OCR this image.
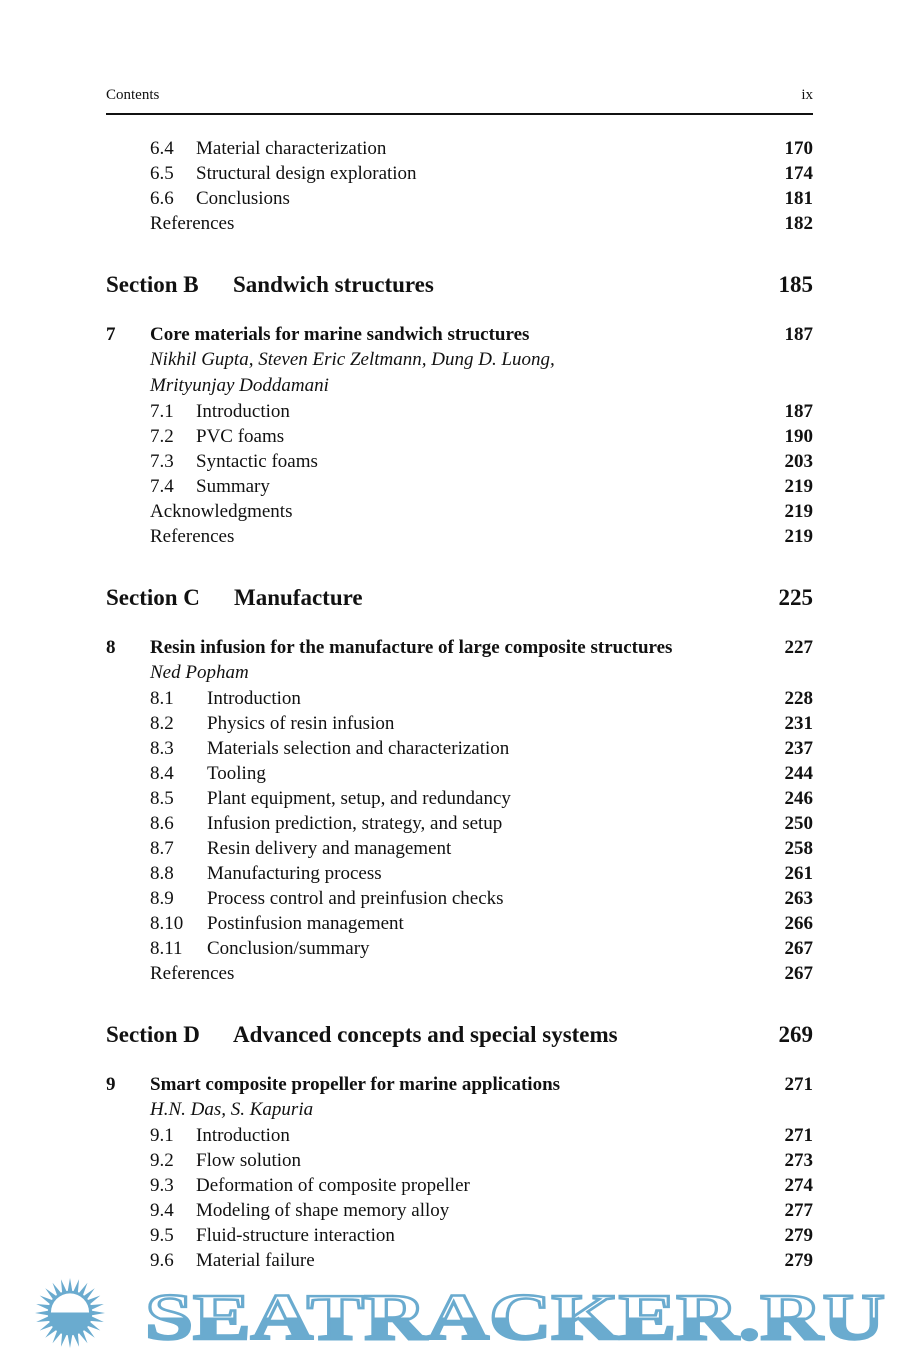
Contents	ix
6.4 Material characterization	170
6.5 Structural design exploration	174
6.6 Conclusions	181
References	182
Section B Sandwich structures	185
7 Core materials for marine sandwich structures	187
Nikhil Gupta, Steven Eric Zeltmann, Dung D. Luong,
Mrityunjay Doddamani
7.1 Introduction	187
7.2 PVC foams	190
7.3 Syntactic foams	203
7.4 Summary	219
Acknowledgments	219
References	219
Section C Manufacture	225
8 Resin infusion for the manufacture of large composite structures	227
Ned Popham
8.1 Introduction	228
8.2 Physics of resin infusion	231
8.3 Materials selection and characterization	237
8.4 Tooling	244
8.5 Plant equipment, setup, and redundancy	246
8.6 Infusion prediction, strategy, and setup	250
8.7 Resin delivery and management	258
8.8 Manufacturing process	261
8.9 Process control and preinfusion checks	263
8.10 Postinfusion management	266
8.11 Conclusion/summary	267
References	267
Section D Advanced concepts and special systems	269
9 Smart composite propeller for marine applications	271
H.N. Das, S. Kapuria
9.1 Introduction	271
9.2 Flow solution	273
9.3 Deformation of composite propeller	274
9.4 Modeling of shape memory alloy	277
9.5 Fluid-structure interaction	279
9.6 Material failure	279
SEATRACKER.RU
